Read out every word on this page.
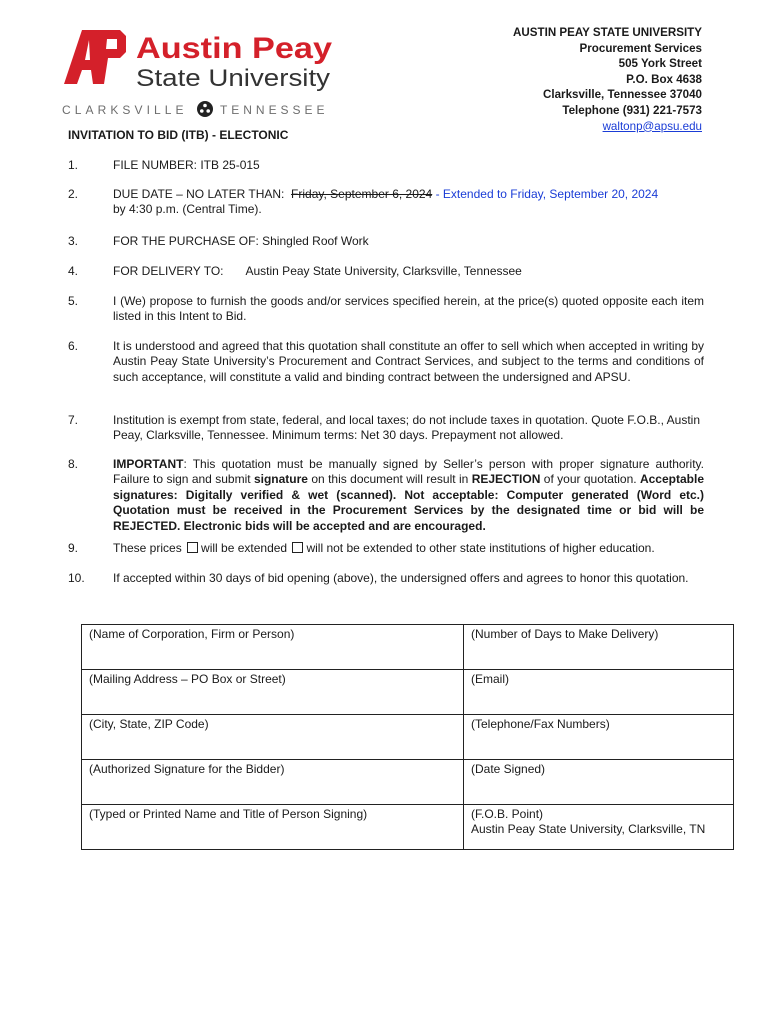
Austin Peay
State University
CLARKSVILLE	TENNESSEE
AUSTIN PEAY STATE UNIVERSITY
Procurement Services
505 York Street
P.O. Box 4638
Clarksville, Tennessee 37040
Telephone (931) 221-7573
waltonp@apsu.edu
INVITATION TO BID (ITB) - ELECTONIC
1.	FILE NUMBER: ITB 25-015
2.	DUE DATE – NO LATER THAN: Friday, September 6, 2024 - Extended to Friday, September 20, 2024
by 4:30 p.m. (Central Time).
3.	FOR THE PURCHASE OF: Shingled Roof Work
4.	FOR DELIVERY TO: Austin Peay State University, Clarksville, Tennessee
5.	I (We) propose to furnish the goods and/or services specified herein, at the price(s) quoted opposite each item listed in this Intent to Bid.
6.	It is understood and agreed that this quotation shall constitute an offer to sell which when accepted in writing by Austin Peay State University’s Procurement and Contract Services, and subject to the terms and conditions of such acceptance, will constitute a valid and binding contract between the undersigned and APSU.
7.	Institution is exempt from state, federal, and local taxes; do not include taxes in quotation. Quote F.O.B., Austin Peay, Clarksville, Tennessee. Minimum terms: Net 30 days. Prepayment not allowed.
8.	IMPORTANT: This quotation must be manually signed by Seller’s person with proper signature authority. Failure to sign and submit signature on this document will result in REJECTION of your quotation. Acceptable signatures: Digitally verified & wet (scanned). Not acceptable: Computer generated (Word etc.) Quotation must be received in the Procurement Services by the designated time or bid will be REJECTED. Electronic bids will be accepted and are encouraged.
9.	These prices will be extended will not be extended to other state institutions of higher education.
10. If accepted within 30 days of bid opening (above), the undersigned offers and agrees to honor this quotation.
(Name of Corporation, Firm or Person)	(Number of Days to Make Delivery)
(Mailing Address – PO Box or Street)	(Email)
(City, State, ZIP Code)	(Telephone/Fax Numbers)
(Authorized Signature for the Bidder)	(Date Signed)
(Typed or Printed Name and Title of Person Signing)	(F.O.B. Point)
Austin Peay State University, Clarksville, TN
